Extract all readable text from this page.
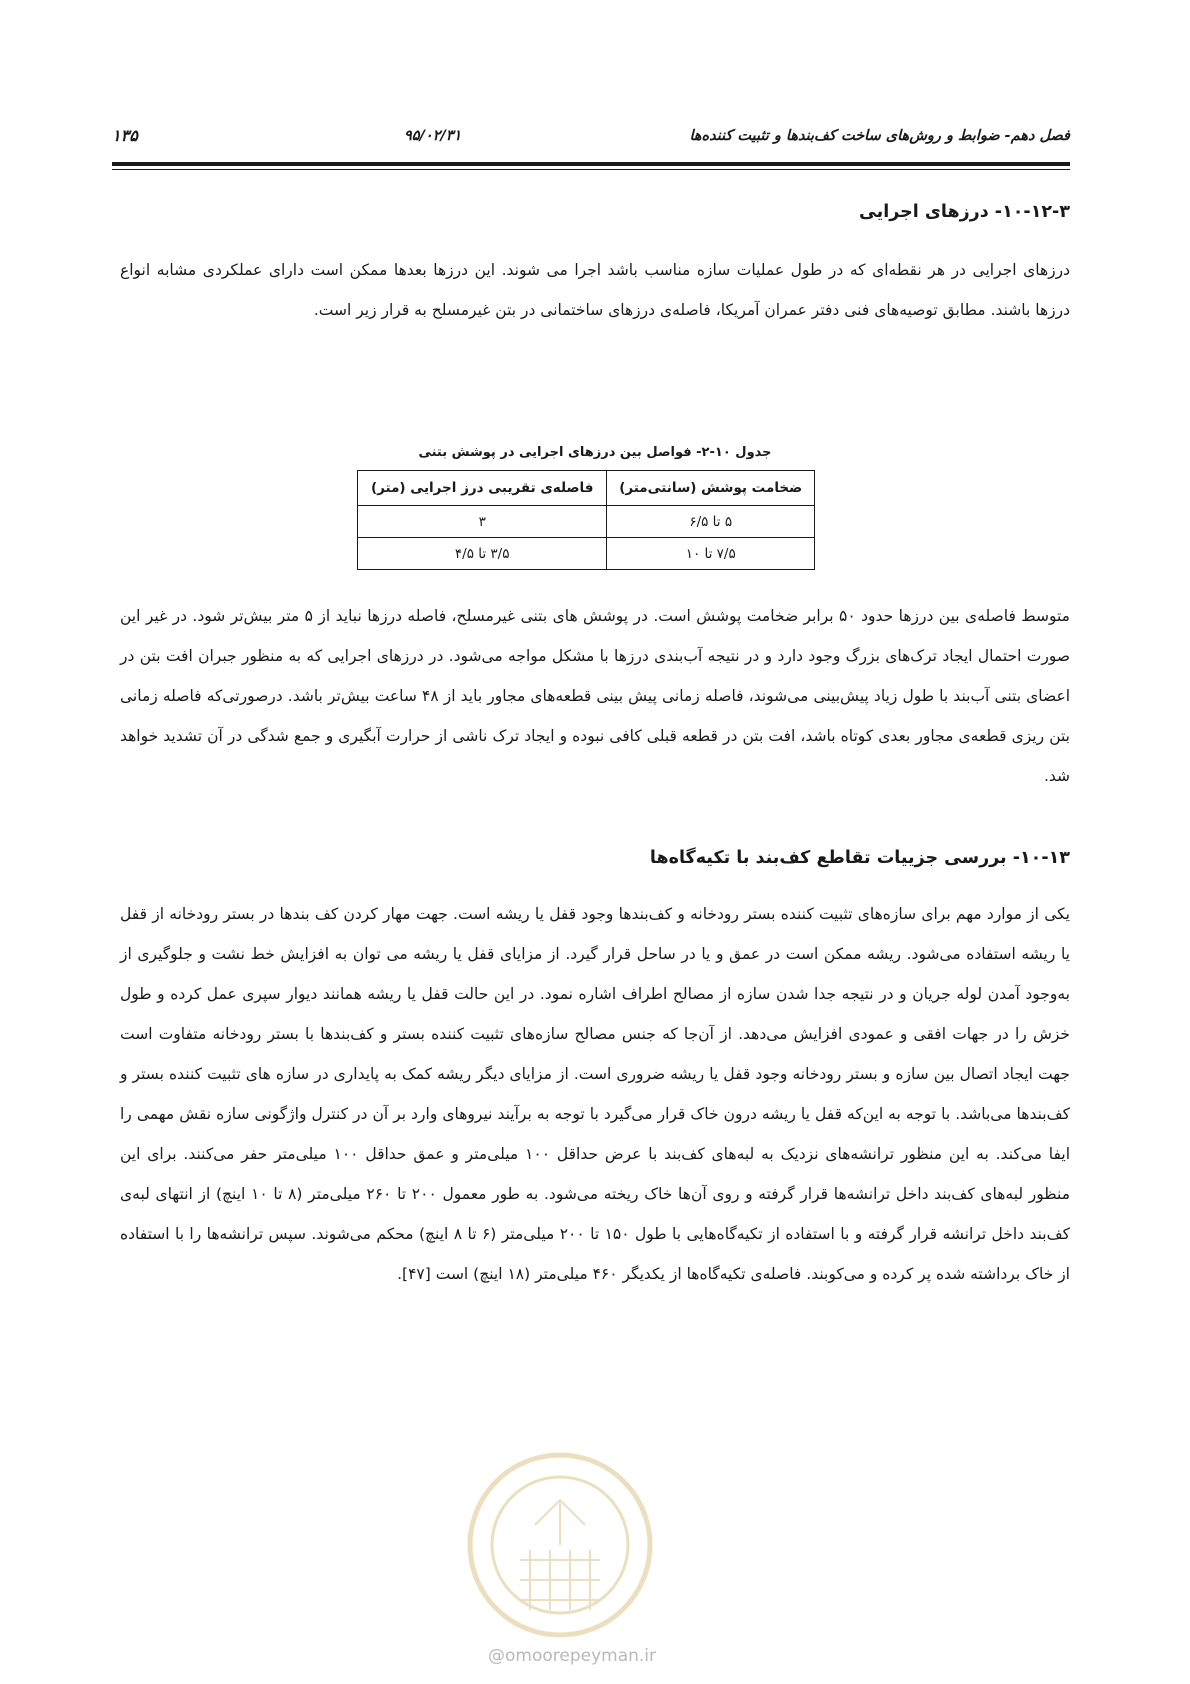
فصل دهم- ضوابط و روش‌های ساخت کف‌بندها و تثبیت کننده‌ها
۹۵/۰۲/۳۱
۱۳۵
۱۰-۱۲-۳- درزهای اجرایی
درزهای اجرایی در هر نقطه‌ای که در طول عملیات سازه مناسب باشد اجرا می شوند. این درزها بعدها ممکن است دارای عملکردی مشابه انواع درزها باشند. مطابق توصیه‌های فنی دفتر عمران آمریکا، فاصله‌ی درزهای ساختمانی در بتن غیرمسلح به قرار زیر است.
جدول ۱۰-۲- فواصل بین درزهای اجرایی در پوشش بتنی
ضخامت پوشش (سانتی‌متر)	فاصله‌ی تقریبی درز اجرایی (متر)
۵ تا ۶/۵	۳
۷/۵ تا ۱۰	۳/۵ تا ۴/۵
متوسط فاصله‌ی بین درزها حدود ۵۰ برابر ضخامت پوشش است. در پوشش های بتنی غیرمسلح، فاصله درزها نباید از ۵ متر بیش‌تر شود. در غیر این صورت احتمال ایجاد ترک‌های بزرگ وجود دارد و در نتیجه آب‌بندی درزها با مشکل مواجه می‌شود. در درزهای اجرایی که به منظور جبران افت بتن در اعضای بتنی آب‌بند با طول زیاد پیش‌بینی می‌شوند، فاصله زمانی پیش بینی قطعه‌های مجاور باید از ۴۸ ساعت بیش‌تر باشد. درصورتی‌که فاصله زمانی بتن ریزی قطعه‌ی مجاور بعدی کوتاه باشد، افت بتن در قطعه قبلی کافی نبوده و ایجاد ترک ناشی از حرارت آبگیری و جمع شدگی در آن تشدید خواهد شد.
۱۰-۱۳- بررسی جزییات تقاطع کف‌بند با تکیه‌گاه‌ها
یکی از موارد مهم برای سازه‌های تثبیت کننده بستر رودخانه و کف‌بندها وجود قفل یا ریشه است. جهت مهار کردن کف بندها در بستر رودخانه از قفل یا ریشه استفاده می‌شود. ریشه ممکن است در عمق و یا در ساحل قرار گیرد. از مزایای قفل یا ریشه می توان به افزایش خط نشت و جلوگیری از به‌وجود آمدن لوله جریان و در نتیجه جدا شدن سازه از مصالح اطراف اشاره نمود. در این حالت قفل یا ریشه همانند دیوار سپری عمل کرده و طول خزش را در جهات افقی و عمودی افزایش می‌دهد. از آن‌جا که جنس مصالح سازه‌های تثبیت کننده بستر و کف‌بندها با بستر رودخانه متفاوت است جهت ایجاد اتصال بین سازه و بستر رودخانه وجود قفل یا ریشه ضروری است. از مزایای دیگر ریشه کمک به پایداری در سازه های تثبیت کننده بستر و کف‌بندها می‌باشد. با توجه به این‌که قفل یا ریشه درون خاک قرار می‌گیرد با توجه به برآیند نیروهای وارد بر آن در کنترل واژگونی سازه نقش مهمی را ایفا می‌کند. به این منظور ترانشه‌های نزدیک به لبه‌های کف‌بند با عرض حداقل ۱۰۰ میلی‌متر و عمق حداقل ۱۰۰ میلی‌متر حفر می‌کنند. برای این منظور لبه‌های کف‌بند داخل ترانشه‌ها قرار گرفته و روی آن‌ها خاک ریخته می‌شود. به طور معمول ۲۰۰ تا ۲۶۰ میلی‌متر (۸ تا ۱۰ اینچ) از انتهای لبه‌ی کف‌بند داخل ترانشه قرار گرفته و با استفاده از تکیه‌گاه‌هایی با طول ۱۵۰ تا ۲۰۰ میلی‌متر (۶ تا ۸ اینچ) محکم می‌شوند. سپس ترانشه‌ها را با استفاده از خاک برداشته شده پر کرده و می‌کوبند. فاصله‌ی تکیه‌گاه‌ها از یکدیگر ۴۶۰ میلی‌متر (۱۸ اینچ) است [۴۷].
@omoorepeyman.ir
